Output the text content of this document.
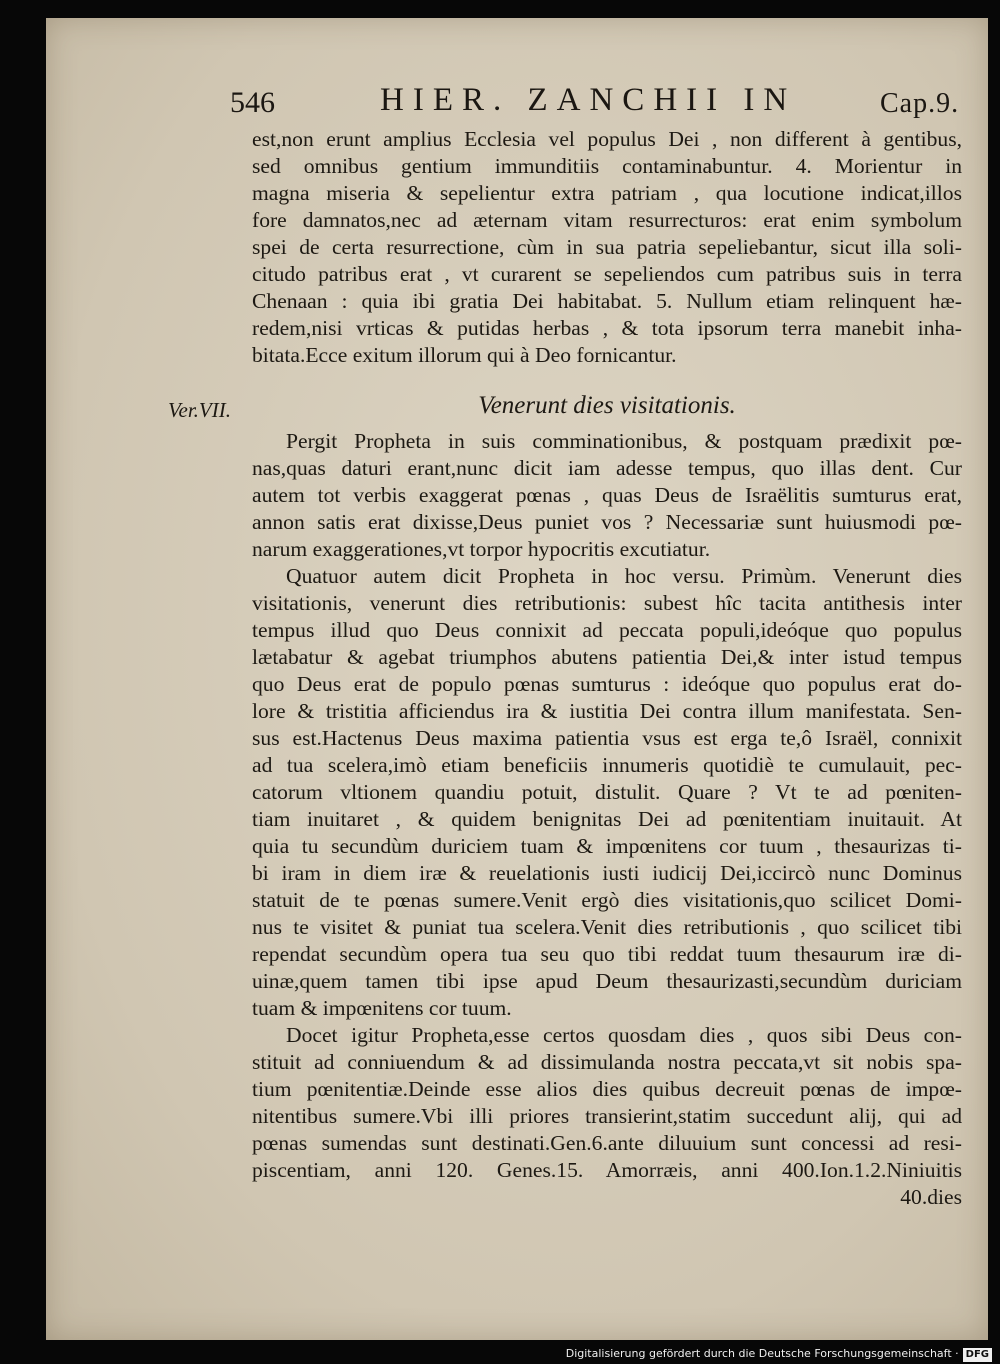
546	HIER. ZANCHII IN	Cap.9.
est,non erunt amplius Ecclesia vel populus Dei , non different à gentibus,
sed omnibus gentium immunditiis contaminabuntur. 4. Morientur in
magna miseria & sepelientur extra patriam , qua locutione indicat,illos
fore damnatos,nec ad æternam vitam resurrecturos: erat enim symbolum
spei de certa resurrectione, cùm in sua patria sepeliebantur, sicut illa soli-
citudo patribus erat , vt curarent se sepeliendos cum patribus suis in terra
Chenaan : quia ibi gratia Dei habitabat. 5. Nullum etiam relinquent hæ-
redem,nisi vrticas & putidas herbas , & tota ipsorum terra manebit inha-
bitata.Ecce exitum illorum qui à Deo fornicantur.
Ver.VII.	Venerunt dies visitationis.
Pergit Propheta in suis comminationibus, & postquam prædixit pœ-
nas,quas daturi erant,nunc dicit iam adesse tempus, quo illas dent. Cur
autem tot verbis exaggerat pœnas , quas Deus de Israëlitis sumturus erat,
annon satis erat dixisse,Deus puniet vos ? Necessariæ sunt huiusmodi pœ-
narum exaggerationes,vt torpor hypocritis excutiatur.
Quatuor autem dicit Propheta in hoc versu. Primùm. Venerunt dies
visitationis, venerunt dies retributionis: subest hîc tacita antithesis inter
tempus illud quo Deus connixit ad peccata populi,ideóque quo populus
lætabatur & agebat triumphos abutens patientia Dei,& inter istud tempus
quo Deus erat de populo pœnas sumturus : ideóque quo populus erat do-
lore & tristitia afficiendus ira & iustitia Dei contra illum manifestata. Sen-
sus est.Hactenus Deus maxima patientia vsus est erga te,ô Israël, connixit
ad tua scelera,imò etiam beneficiis innumeris quotidiè te cumulauit, pec-
catorum vltionem quandiu potuit, distulit. Quare ? Vt te ad pœniten-
tiam inuitaret , & quidem benignitas Dei ad pœnitentiam inuitauit. At
quia tu secundùm duriciem tuam & impœnitens cor tuum , thesaurizas ti-
bi iram in diem iræ & reuelationis iusti iudicij Dei,iccircò nunc Dominus
statuit de te pœnas sumere.Venit ergò dies visitationis,quo scilicet Domi-
nus te visitet & puniat tua scelera.Venit dies retributionis , quo scilicet tibi
rependat secundùm opera tua seu quo tibi reddat tuum thesaurum iræ di-
uinæ,quem tamen tibi ipse apud Deum thesaurizasti,secundùm duriciam
tuam & impœnitens cor tuum.
Docet igitur Propheta,esse certos quosdam dies , quos sibi Deus con-
stituit ad conniuendum & ad dissimulanda nostra peccata,vt sit nobis spa-
tium pœnitentiæ.Deinde esse alios dies quibus decreuit pœnas de impœ-
nitentibus sumere.Vbi illi priores transierint,statim succedunt alij, qui ad
pœnas sumendas sunt destinati.Gen.6.ante diluuium sunt concessi ad resi-
piscentiam, anni 120. Genes.15. Amorræis, anni 400.Ion.1.2.Niniuitis
40.dies
Digitalisierung gefördert durch die Deutsche Forschungsgemeinschaft · DFG
